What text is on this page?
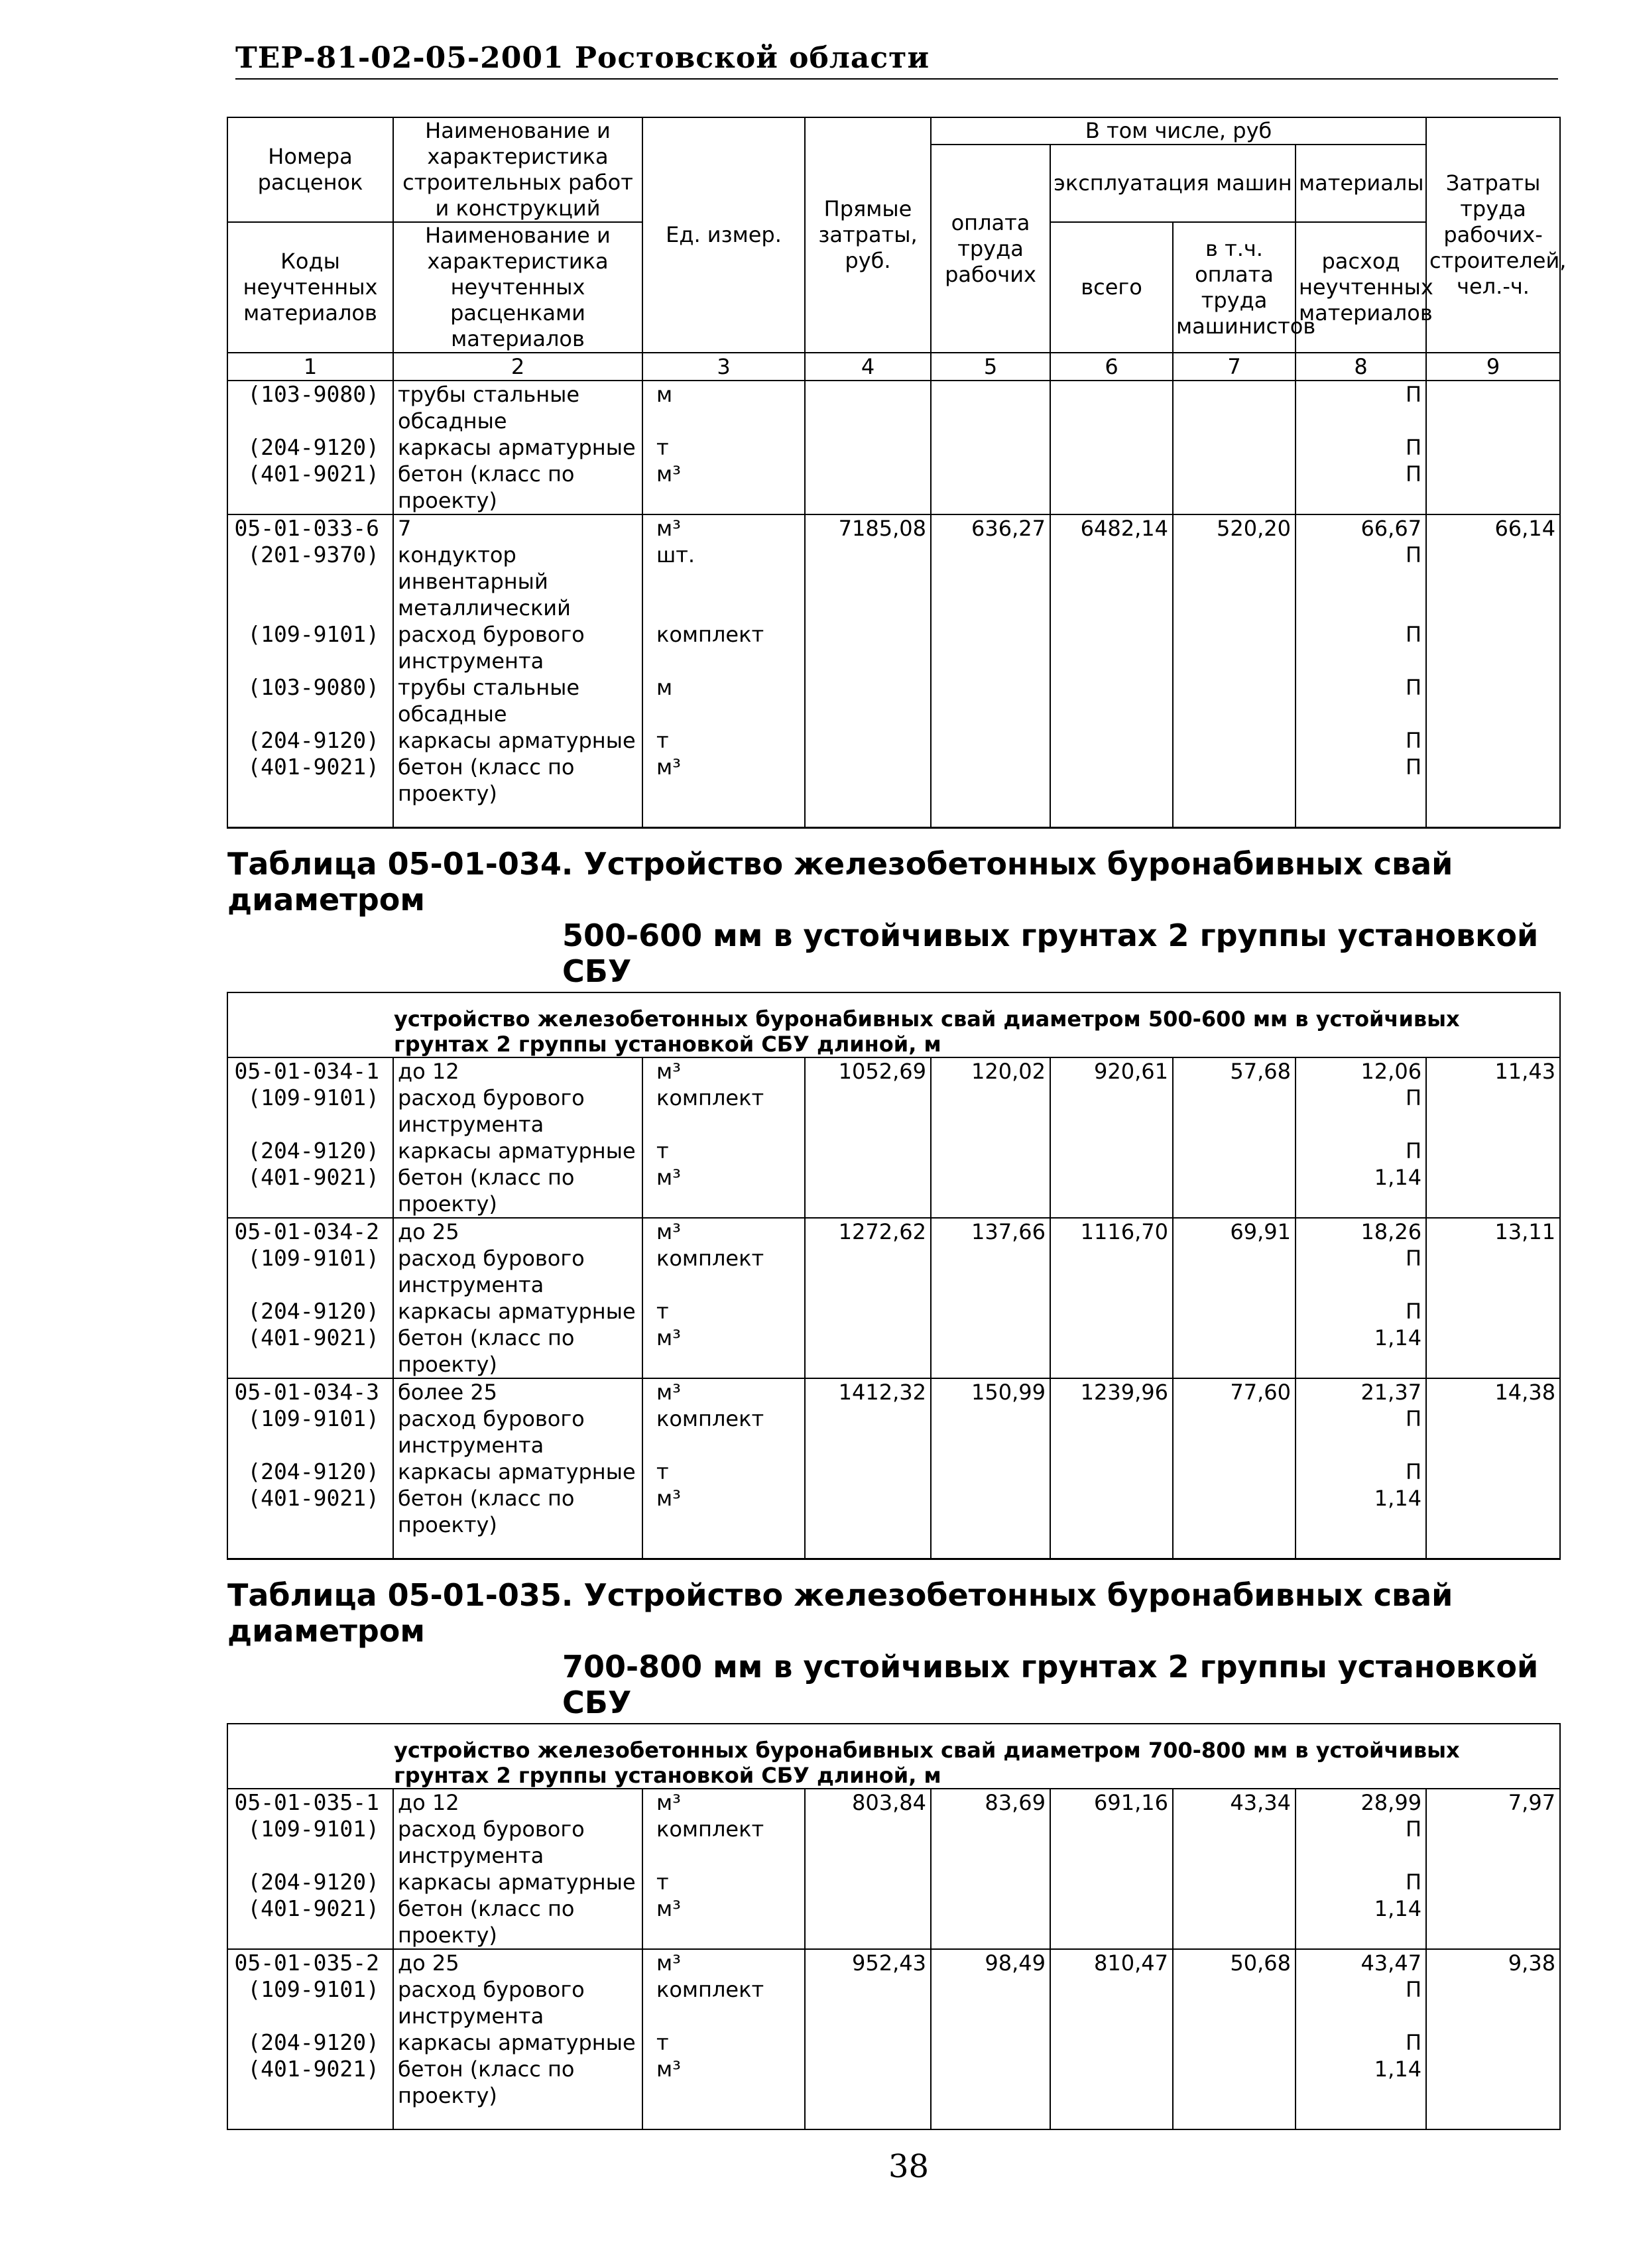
ТЕР-81-02-05-2001 Ростовской области
Номера расценок	Наименование и характеристика строительных работ и конструкций	Ед. измер.	Прямые затраты, руб.	В том числе, руб				Затраты труда рабочих-строителей, чел.-ч.
				оплата труда рабочих	эксплуатация машин		материалы	
Коды неучтенных материалов	Наименование и характеристика неучтенных расценками материалов				всего	в т.ч. оплата труда машинистов	расход неучтенных материалов	

1	2	3	4	5	6	7	8	9
(103-9080)	трубы стальные обсадные	м					П	
(204-9120)	каркасы арматурные	т					П	
(401-9021)	бетон (класс по проекту)	м³					П	
05-01-033-6	7	м³	7185,08	636,27	6482,14	520,20	66,67	66,14
(201-9370)	кондуктор инвентарный металлический	шт.					П	
(109-9101)	расход бурового инструмента	комплект					П	
(103-9080)	трубы стальные обсадные	м					П	
(204-9120)	каркасы арматурные	т					П	
(401-9021)	бетон (класс по проекту)	м³					П	

Таблица 05-01-034. Устройство железобетонных буронабивных свай диаметром
500-600 мм в устойчивых грунтах 2 группы установкой СБУ								

устройство железобетонных буронабивных свай диаметром 500-600 мм в устойчивых грунтах 2 группы установкой СБУ длиной, м								
05-01-034-1	до 12	м³	1052,69	120,02	920,61	57,68	12,06	11,43
(109-9101)	расход бурового инструмента	комплект					П	
(204-9120)	каркасы арматурные	т					П	
(401-9021)	бетон (класс по проекту)	м³					1,14	
05-01-034-2	до 25	м³	1272,62	137,66	1116,70	69,91	18,26	13,11
(109-9101)	расход бурового инструмента	комплект					П	
(204-9120)	каркасы арматурные	т					П	
(401-9021)	бетон (класс по проекту)	м³					1,14	
05-01-034-3	более 25	м³	1412,32	150,99	1239,96	77,60	21,37	14,38
(109-9101)	расход бурового инструмента	комплект					П	
(204-9120)	каркасы арматурные	т					П	
(401-9021)	бетон (класс по проекту)	м³					1,14	

Таблица 05-01-035. Устройство железобетонных буронабивных свай диаметром
700-800 мм в устойчивых грунтах 2 группы установкой СБУ								

устройство железобетонных буронабивных свай диаметром 700-800 мм в устойчивых грунтах 2 группы установкой СБУ длиной, м								
05-01-035-1	до 12	м³	803,84	83,69	691,16	43,34	28,99	7,97
(109-9101)	расход бурового инструмента	комплект					П	
(204-9120)	каркасы арматурные	т					П	
(401-9021)	бетон (класс по проекту)	м³					1,14	
05-01-035-2	до 25	м³	952,43	98,49	810,47	50,68	43,47	9,38
(109-9101)	расход бурового инструмента	комплект					П	
(204-9120)	каркасы арматурные	т					П	
(401-9021)	бетон (класс по проекту)	м³					1,14	

38
